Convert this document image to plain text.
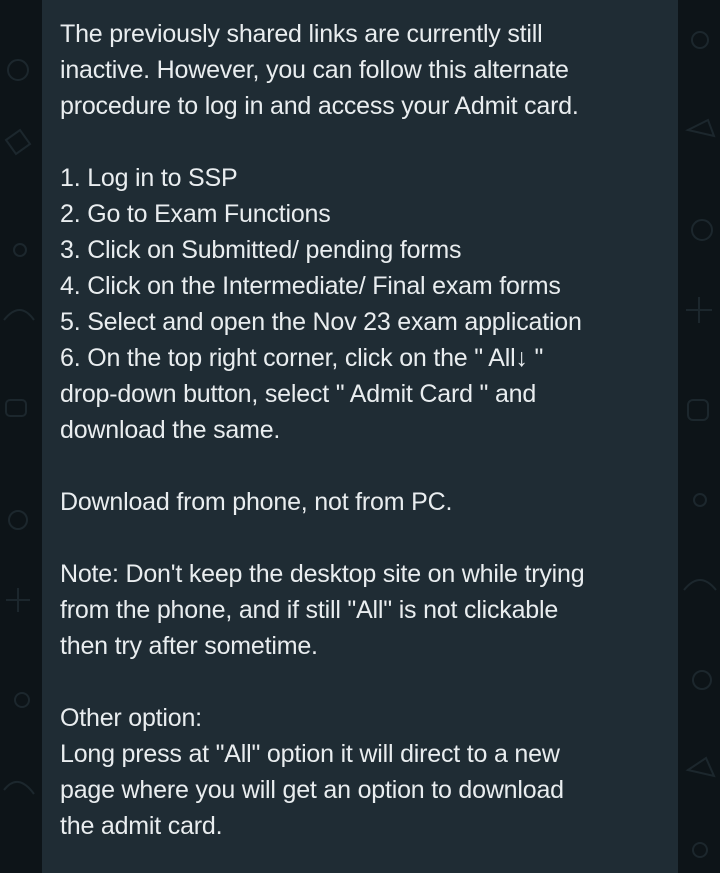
The previously shared links are currently still
inactive. However, you can follow this alternate
procedure to log in and access your Admit card.
1. Log in to SSP
2. Go to Exam Functions
3. Click on Submitted/ pending forms
4. Click on the Intermediate/ Final exam forms
5. Select and open the Nov 23 exam application
6. On the top right corner, click on the " All↓ "
drop-down button, select " Admit Card " and
download the same.
Download from phone, not from PC.
Note: Don't keep the desktop site on while trying
from the phone, and if still "All" is not clickable
then try after sometime.
Other option:
Long press at "All" option it will direct to a new
page where you will get an option to download
the admit card.
